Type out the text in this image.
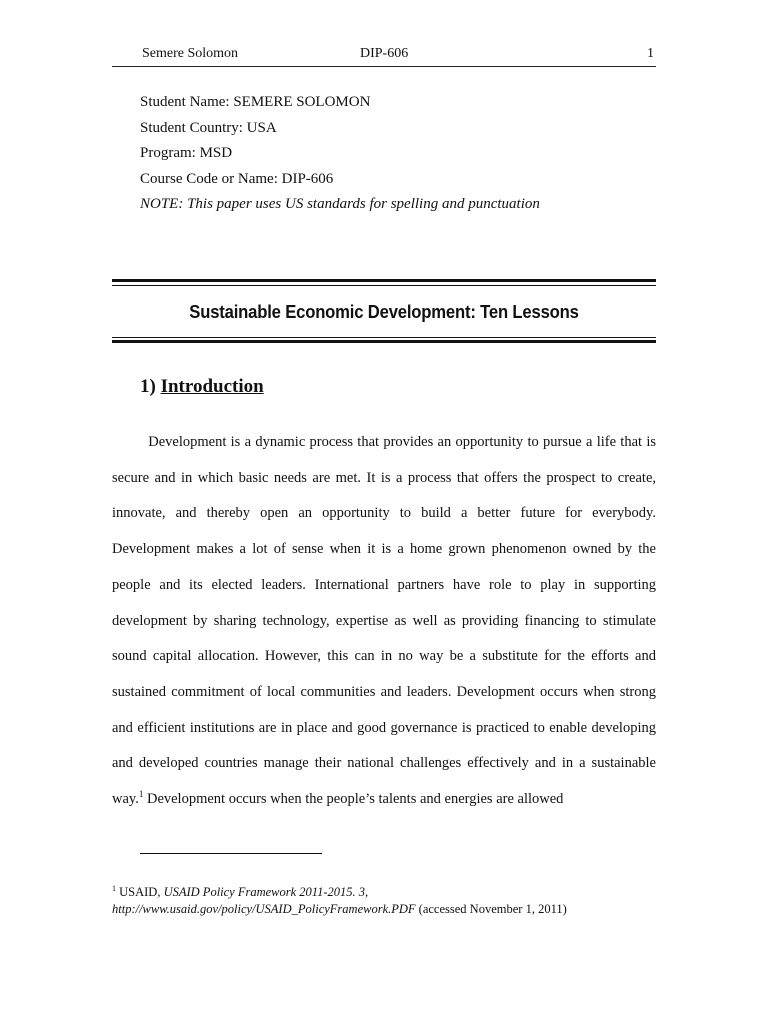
Semere Solomon	DIP-606	1
Student Name: SEMERE SOLOMON
Student Country: USA
Program: MSD
Course Code or Name: DIP-606
NOTE: This paper uses US standards for spelling and punctuation
Sustainable Economic Development: Ten Lessons
1) Introduction

   Development is a dynamic process that provides an opportunity to pursue a life that is secure and in which basic needs are met. It is a process that offers the prospect to create, innovate, and thereby open an opportunity to build a better future for everybody. Development makes a lot of sense when it is a home grown phenomenon owned by the people and its elected leaders. International partners have role to play in supporting development by sharing technology, expertise as well as providing financing to stimulate sound capital allocation. However, this can in no way be a substitute for the efforts and sustained commitment of local communities and leaders. Development occurs when strong and efficient institutions are in place and good governance is practiced to enable developing and developed countries manage their national challenges effectively and in a sustainable way.$^1$ Development occurs when the people’s talents and energies are allowed

$^1$ USAID, USAID Policy Framework 2011-2015. 3,
http://www.usaid.gov/policy/USAID_PolicyFramework.PDF (accessed November 1, 2011)
